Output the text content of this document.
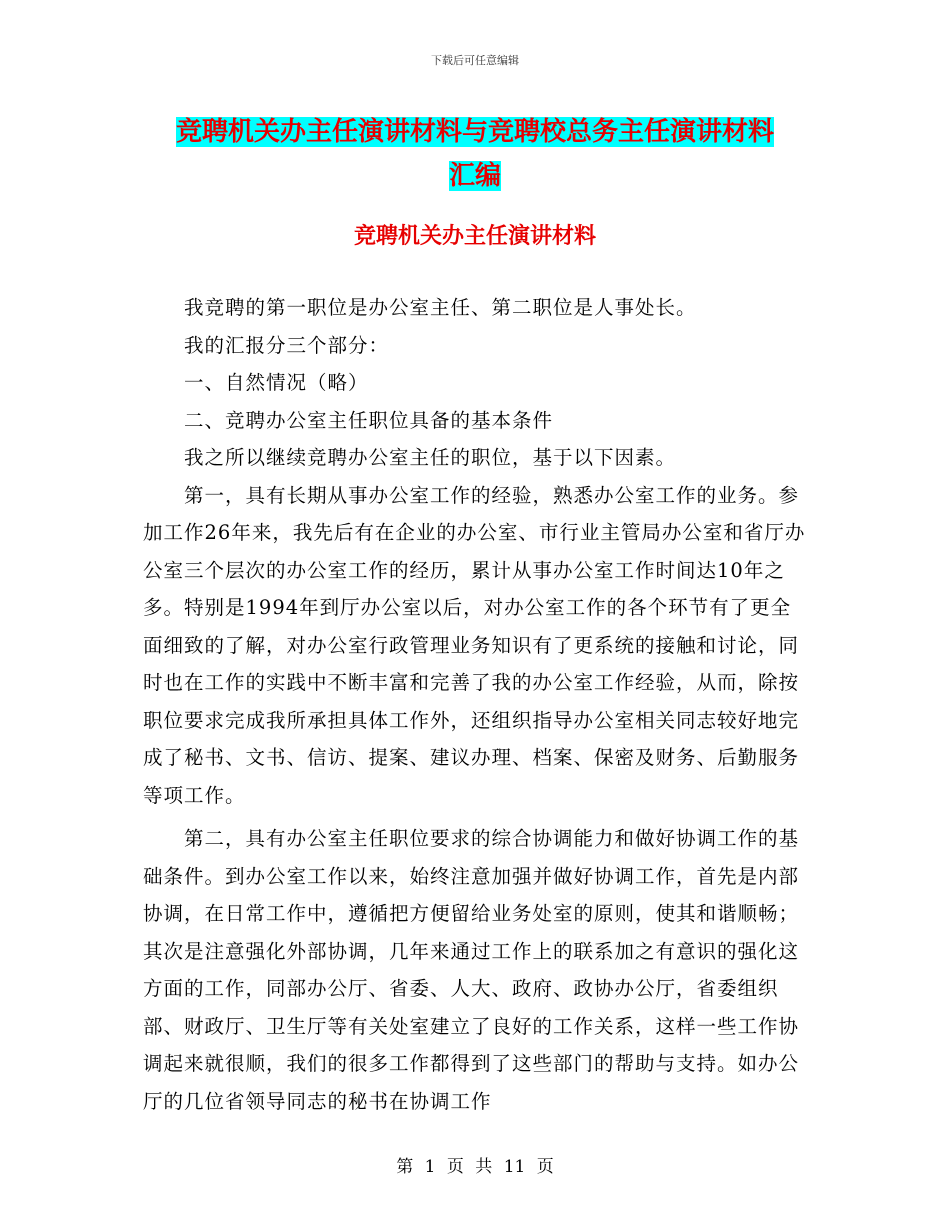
下载后可任意编辑
竞聘机关办主任演讲材料与竞聘校总务主任演讲材料
汇编
竞聘机关办主任演讲材料

我竞聘的第一职位是办公室主任、第二职位是人事处长。

我的汇报分三个部分：

一、自然情况（略）

二、竞聘办公室主任职位具备的基本条件

我之所以继续竞聘办公室主任的职位，基于以下因素。

第一，具有长期从事办公室工作的经验，熟悉办公室工作的业务。参加工作26年来，我先后有在企业的办公室、市行业主管局办公室和省厅办公室三个层次的办公室工作的经历，累计从事办公室工作时间达10年之多。特别是1994年到厅办公室以后，对办公室工作的各个环节有了更全面细致的了解，对办公室行政管理业务知识有了更系统的接触和讨论，同时也在工作的实践中不断丰富和完善了我的办公室工作经验，从而，除按职位要求完成我所承担具体工作外，还组织指导办公室相关同志较好地完成了秘书、文书、信访、提案、建议办理、档案、保密及财务、后勤服务等项工作。

第二，具有办公室主任职位要求的综合协调能力和做好协调工作的基础条件。到办公室工作以来，始终注意加强并做好协调工作，首先是内部协调，在日常工作中，遵循把方便留给业务处室的原则，使其和谐顺畅；其次是注意强化外部协调，几年来通过工作上的联系加之有意识的强化这方面的工作，同部办公厅、省委、人大、政府、政协办公厅，省委组织部、财政厅、卫生厅等有关处室建立了良好的工作关系，这样一些工作协调起来就很顺，我们的很多工作都得到了这些部门的帮助与支持。如办公厅的几位省领导同志的秘书在协调工作

第 1 页 共 11 页
